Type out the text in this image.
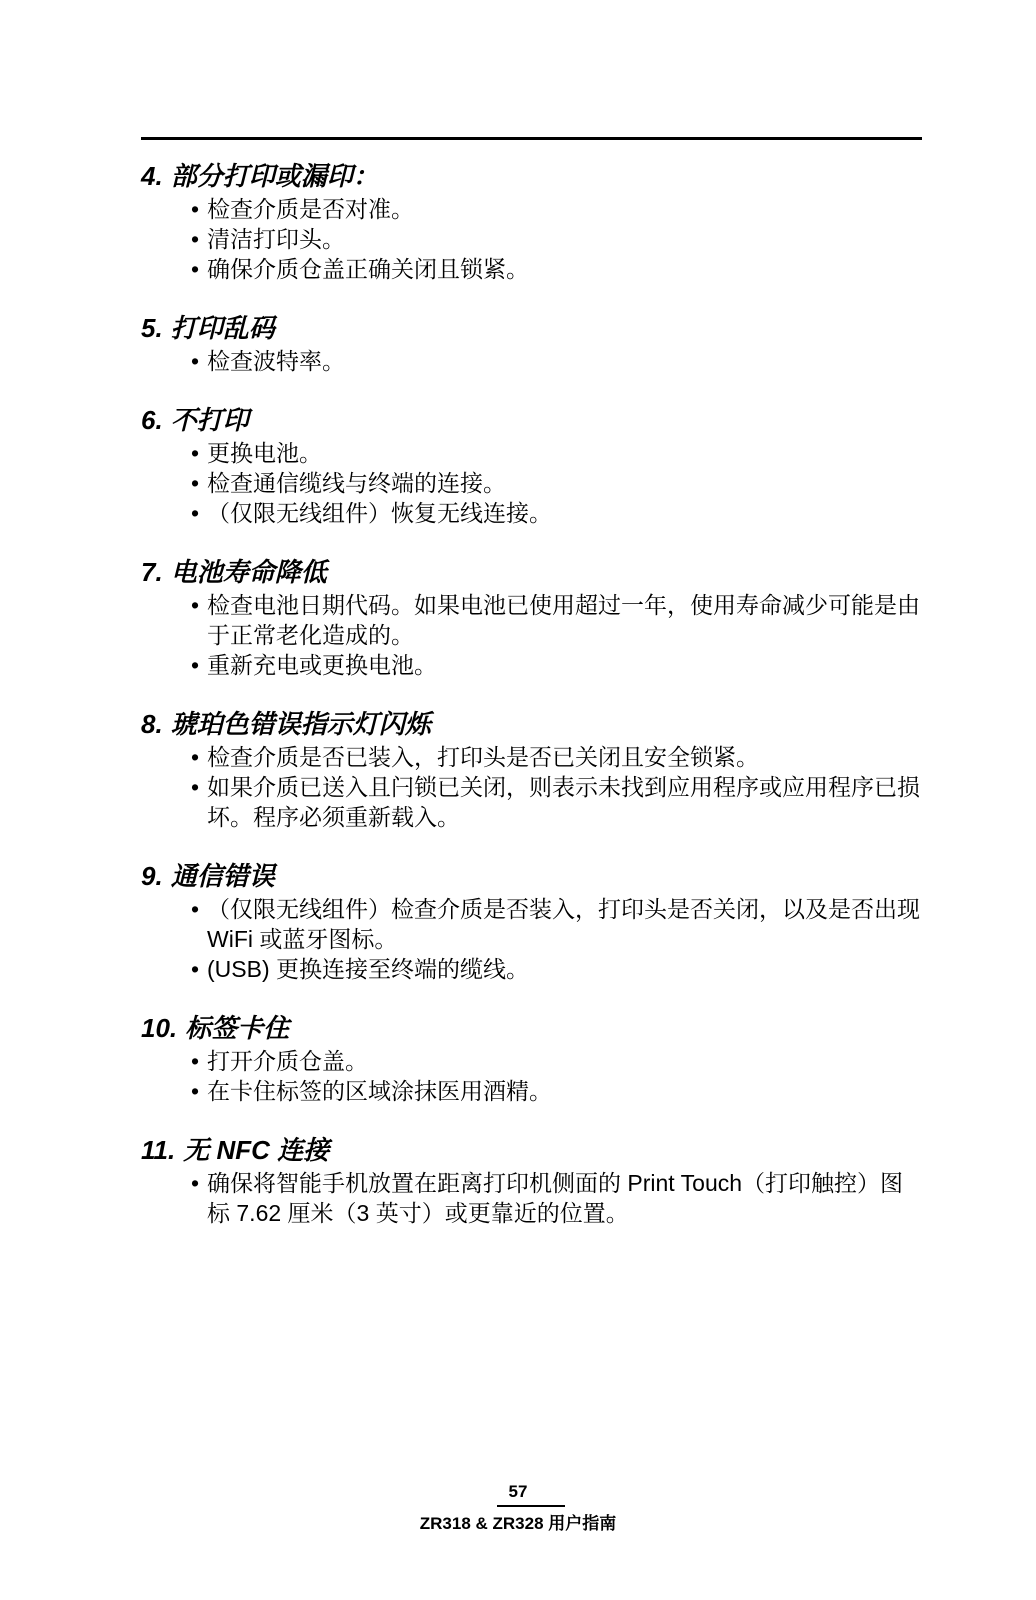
4. 部分打印或漏印：
• 检查介质是否对准。
• 清洁打印头。
• 确保介质仓盖正确关闭且锁紧。
5. 打印乱码
• 检查波特率。
6. 不打印
• 更换电池。
• 检查通信缆线与终端的连接。
• （仅限无线组件）恢复无线连接。
7. 电池寿命降低
• 检查电池日期代码。如果电池已使用超过一年，使用寿命减少可能是由于正常老化造成的。
• 重新充电或更换电池。
8. 琥珀色错误指示灯闪烁
• 检查介质是否已装入，打印头是否已关闭且安全锁紧。
• 如果介质已送入且闩锁已关闭，则表示未找到应用程序或应用程序已损坏。程序必须重新载入。
9. 通信错误
• （仅限无线组件）检查介质是否装入，打印头是否关闭，以及是否出现 WiFi 或蓝牙图标。
• (USB) 更换连接至终端的缆线。
10. 标签卡住
• 打开介质仓盖。
• 在卡住标签的区域涂抹医用酒精。
11. 无 NFC 连接
• 确保将智能手机放置在距离打印机侧面的 Print Touch（打印触控）图标 7.62 厘米（3 英寸）或更靠近的位置。
57
ZR318 & ZR328 用户指南
